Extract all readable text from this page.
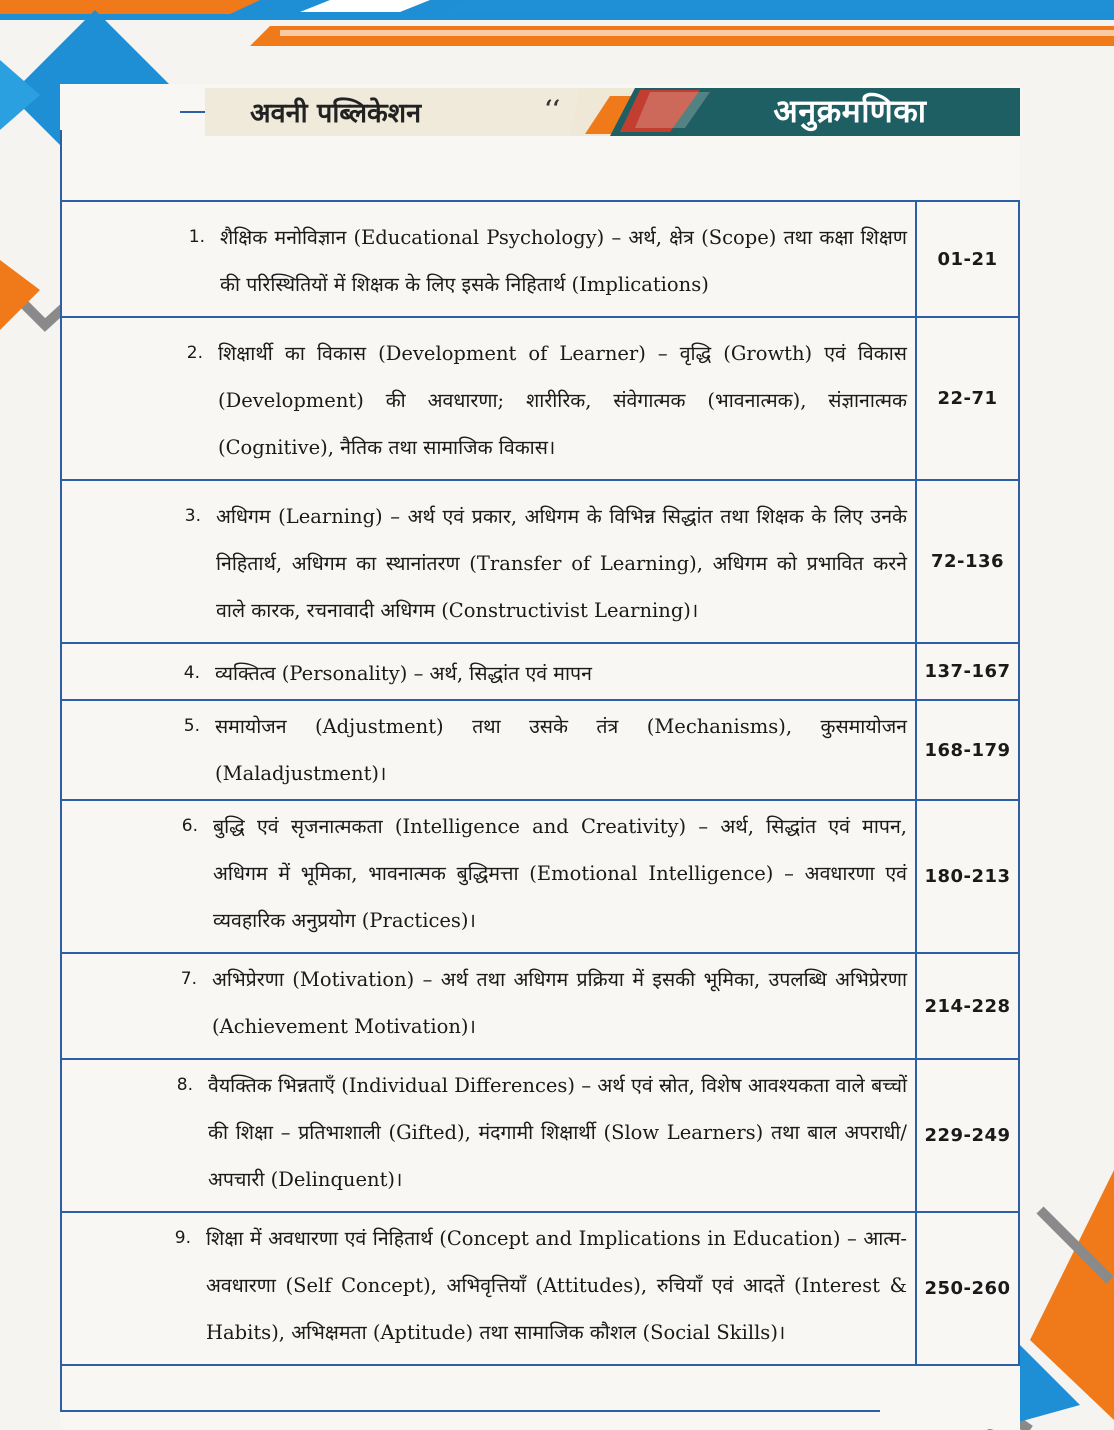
अवनी पब्लिकेशन	‘‘	अनुक्रमणिका
1. शैक्षिक मनोविज्ञान (Educational Psychology) – अर्थ, क्षेत्र (Scope) तथा कक्षा शिक्षण की परिस्थितियों में शिक्षक के लिए इसके निहितार्थ (Implications)
01-21
2. शिक्षार्थी का विकास (Development of Learner) – वृद्धि (Growth) एवं विकास (Development) की अवधारणा; शारीरिक, संवेगात्मक (भावनात्मक), संज्ञानात्मक (Cognitive), नैतिक तथा सामाजिक विकास।
22-71
3. अधिगम (Learning) – अर्थ एवं प्रकार, अधिगम के विभिन्न सिद्धांत तथा शिक्षक के लिए उनके निहितार्थ, अधिगम का स्थानांतरण (Transfer of Learning), अधिगम को प्रभावित करने वाले कारक, रचनावादी अधिगम (Constructivist Learning)।
72-136
4. व्यक्तित्व (Personality) – अर्थ, सिद्धांत एवं मापन	137-167
5. समायोजन (Adjustment) तथा उसके तंत्र (Mechanisms), कुसमायोजन (Maladjustment)।
168-179
6. बुद्धि एवं सृजनात्मकता (Intelligence and Creativity) – अर्थ, सिद्धांत एवं मापन, अधिगम में भूमिका, भावनात्मक बुद्धिमत्ता (Emotional Intelligence) – अवधारणा एवं व्यवहारिक अनुप्रयोग (Practices)।
180-213
7. अभिप्रेरणा (Motivation) – अर्थ तथा अधिगम प्रक्रिया में इसकी भूमिका, उपलब्धि अभिप्रेरणा (Achievement Motivation)।
214-228
8. वैयक्तिक भिन्नताएँ (Individual Differences) – अर्थ एवं स्रोत, विशेष आवश्यकता वाले बच्चों की शिक्षा – प्रतिभाशाली (Gifted), मंदगामी शिक्षार्थी (Slow Learners) तथा बाल अपराधी/अपचारी (Delinquent)।
229-249
9. शिक्षा में अवधारणा एवं निहितार्थ (Concept and Implications in Education) – आत्म-अवधारणा (Self Concept), अभिवृत्तियाँ (Attitudes), रुचियाँ एवं आदतें (Interest & Habits), अभिक्षमता (Aptitude) तथा सामाजिक कौशल (Social Skills)।
250-260
